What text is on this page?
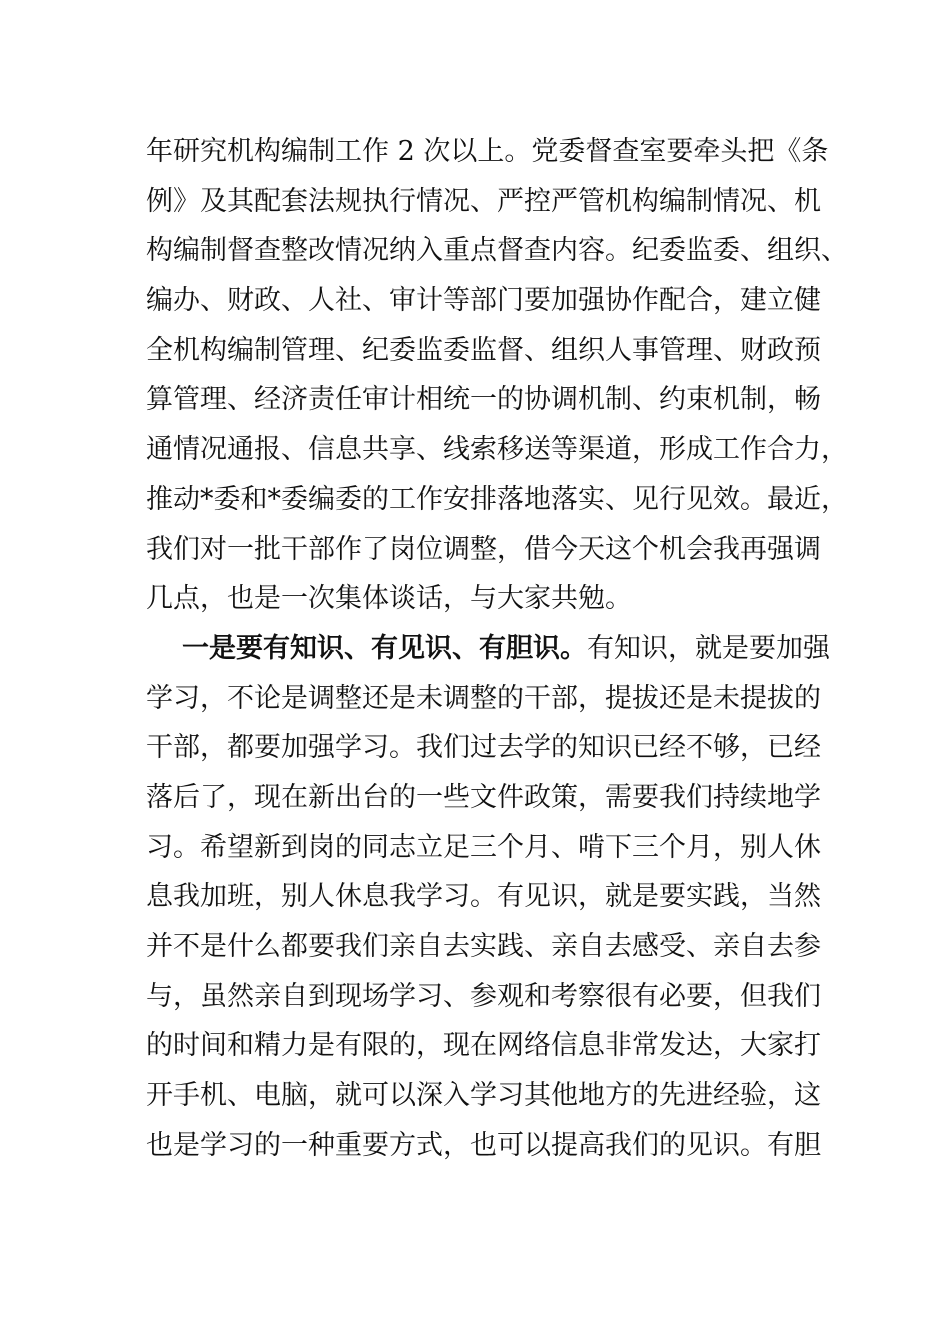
年研究机构编制工作 2 次以上。党委督查室要牵头把《条
例》及其配套法规执行情况、严控严管机构编制情况、机
构编制督查整改情况纳入重点督查内容。纪委监委、组织、
编办、财政、人社、审计等部门要加强协作配合，建立健
全机构编制管理、纪委监委监督、组织人事管理、财政预
算管理、经济责任审计相统一的协调机制、约束机制，畅
通情况通报、信息共享、线索移送等渠道，形成工作合力，
推动*委和*委编委的工作安排落地落实、见行见效。最近，
我们对一批干部作了岗位调整，借今天这个机会我再强调
几点，也是一次集体谈话，与大家共勉。
一是要有知识、有见识、有胆识。有知识，就是要加强
学习，不论是调整还是未调整的干部，提拔还是未提拔的
干部，都要加强学习。我们过去学的知识已经不够，已经
落后了，现在新出台的一些文件政策，需要我们持续地学
习。希望新到岗的同志立足三个月、啃下三个月，别人休
息我加班，别人休息我学习。有见识，就是要实践，当然
并不是什么都要我们亲自去实践、亲自去感受、亲自去参
与，虽然亲自到现场学习、参观和考察很有必要，但我们
的时间和精力是有限的，现在网络信息非常发达，大家打
开手机、电脑，就可以深入学习其他地方的先进经验，这
也是学习的一种重要方式，也可以提高我们的见识。有胆
